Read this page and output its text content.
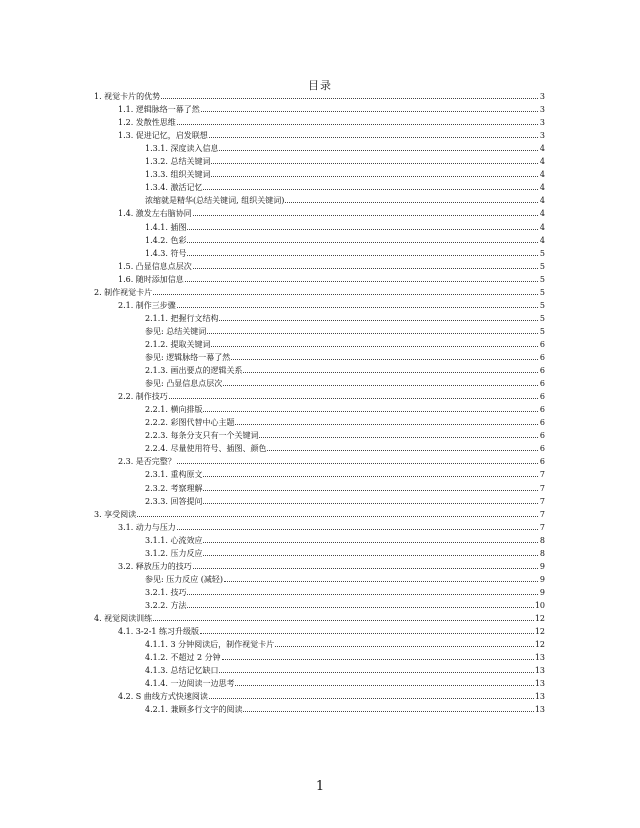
目录
1. 视觉卡片的优势	3
1.1. 逻辑脉络一幕了然	3
1.2. 发散性思维	3
1.3. 促进记忆，启发联想	3
1.3.1. 深度读入信息	4
1.3.2. 总结关键词	4
1.3.3. 组织关键词	4
1.3.4. 激活记忆	4
浓缩就是精华(总结关键词, 组织关键词)	4
1.4. 激发左右脑协同	4
1.4.1. 插图	4
1.4.2. 色彩	4
1.4.3. 符号	5
1.5. 凸显信息点层次	5
1.6. 随时添加信息	5
2. 制作视觉卡片	5
2.1. 制作三步骤	5
2.1.1. 把握行文结构	5
参见: 总结关键词	5
2.1.2. 提取关键词	6
参见: 逻辑脉络一幕了然	6
2.1.3. 画出要点的逻辑关系	6
参见: 凸显信息点层次	6
2.2. 制作技巧	6
2.2.1. 横向排版	6
2.2.2. 彩图代替中心主题	6
2.2.3. 每条分支只有一个关键词	6
2.2.4. 尽量使用符号、插图、颜色	6
2.3. 是否完整？	6
2.3.1. 重构原文	7
2.3.2. 考察理解	7
2.3.3. 回答提问	7
3. 享受阅读	7
3.1. 动力与压力	7
3.1.1. 心流效应	8
3.1.2. 压力反应	8
3.2. 释放压力的技巧	9
参见: 压力反应 (减轻)	9
3.2.1. 技巧	9
3.2.2. 方法	10
4. 视觉阅读训练	12
4.1. 3-2-1 练习升级版	12
4.1.1. 3 分钟阅读后，制作视觉卡片	12
4.1.2. 不超过 2 分钟	13
4.1.3. 总结记忆缺口	13
4.1.4. 一边阅读一边思考	13
4.2. S 曲线方式快速阅读	13
4.2.1. 兼顾多行文字的阅读	13
1
